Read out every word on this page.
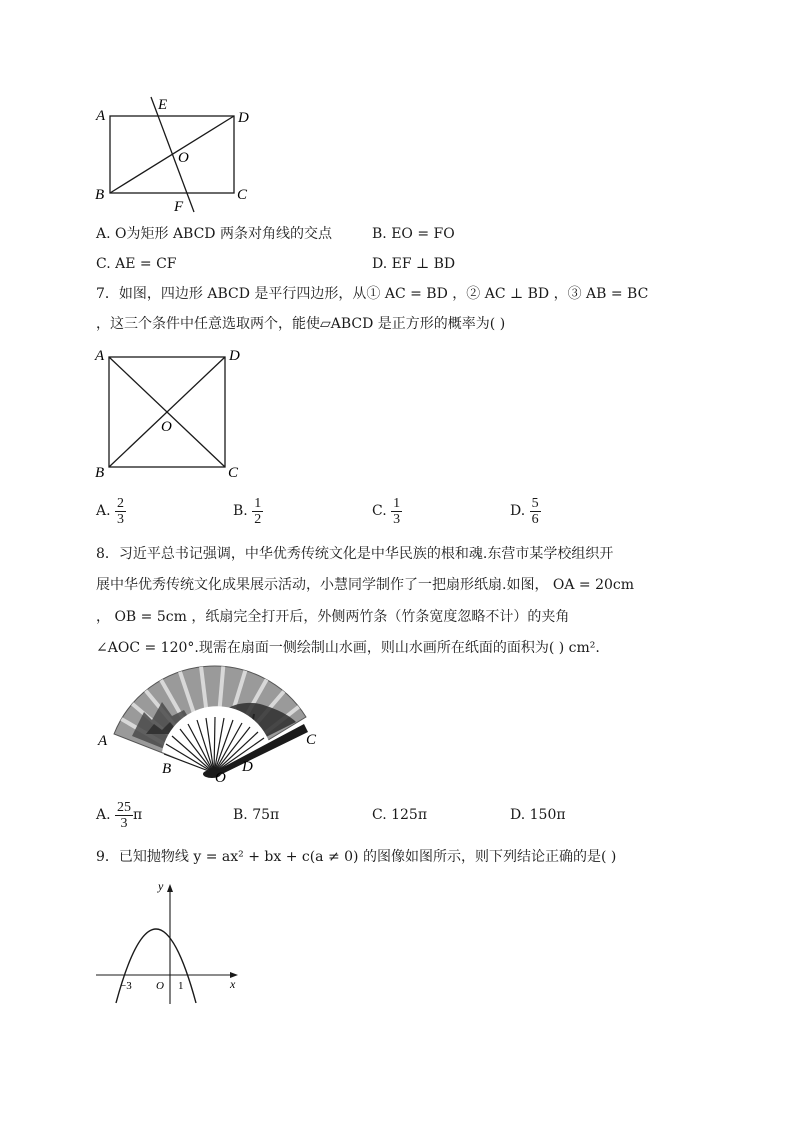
A
E
D
O
B
F
C
A. O为矩形 ABCD 两条对角线的交点	B. EO = FO
C. AE = CF	D. EF ⊥ BD
7．如图，四边形 ABCD 是平行四边形，从① AC = BD ，② AC ⊥ BD ，③ AB = BC
，这三个条件中任意选取两个，能使▱ABCD 是正方形的概率为( )
A	D
O
B	C
A. $\frac{2}{3}$	B. $\frac{1}{2}$	C. $\frac{1}{3}$	D. $\frac{5}{6}$
8．习近平总书记强调，中华优秀传统文化是中华民族的根和魂.东营市某学校组织开
展中华优秀传统文化成果展示活动，小慧同学制作了一把扇形纸扇.如图， OA = 20cm
， OB = 5cm ，纸扇完全打开后，外侧两竹条（竹条宽度忽略不计）的夹角
∠AOC = 120°.现需在扇面一侧绘制山水画，则山水画所在纸面的面积为( ) cm².
A
B
O
D
C
A. $\frac{25}{3}$ π	B. 75π	C. 125π	D. 150π
9．已知抛物线 y = ax² + bx + c(a ≠ 0) 的图像如图所示，则下列结论正确的是( )
y
x
−3 O 1
